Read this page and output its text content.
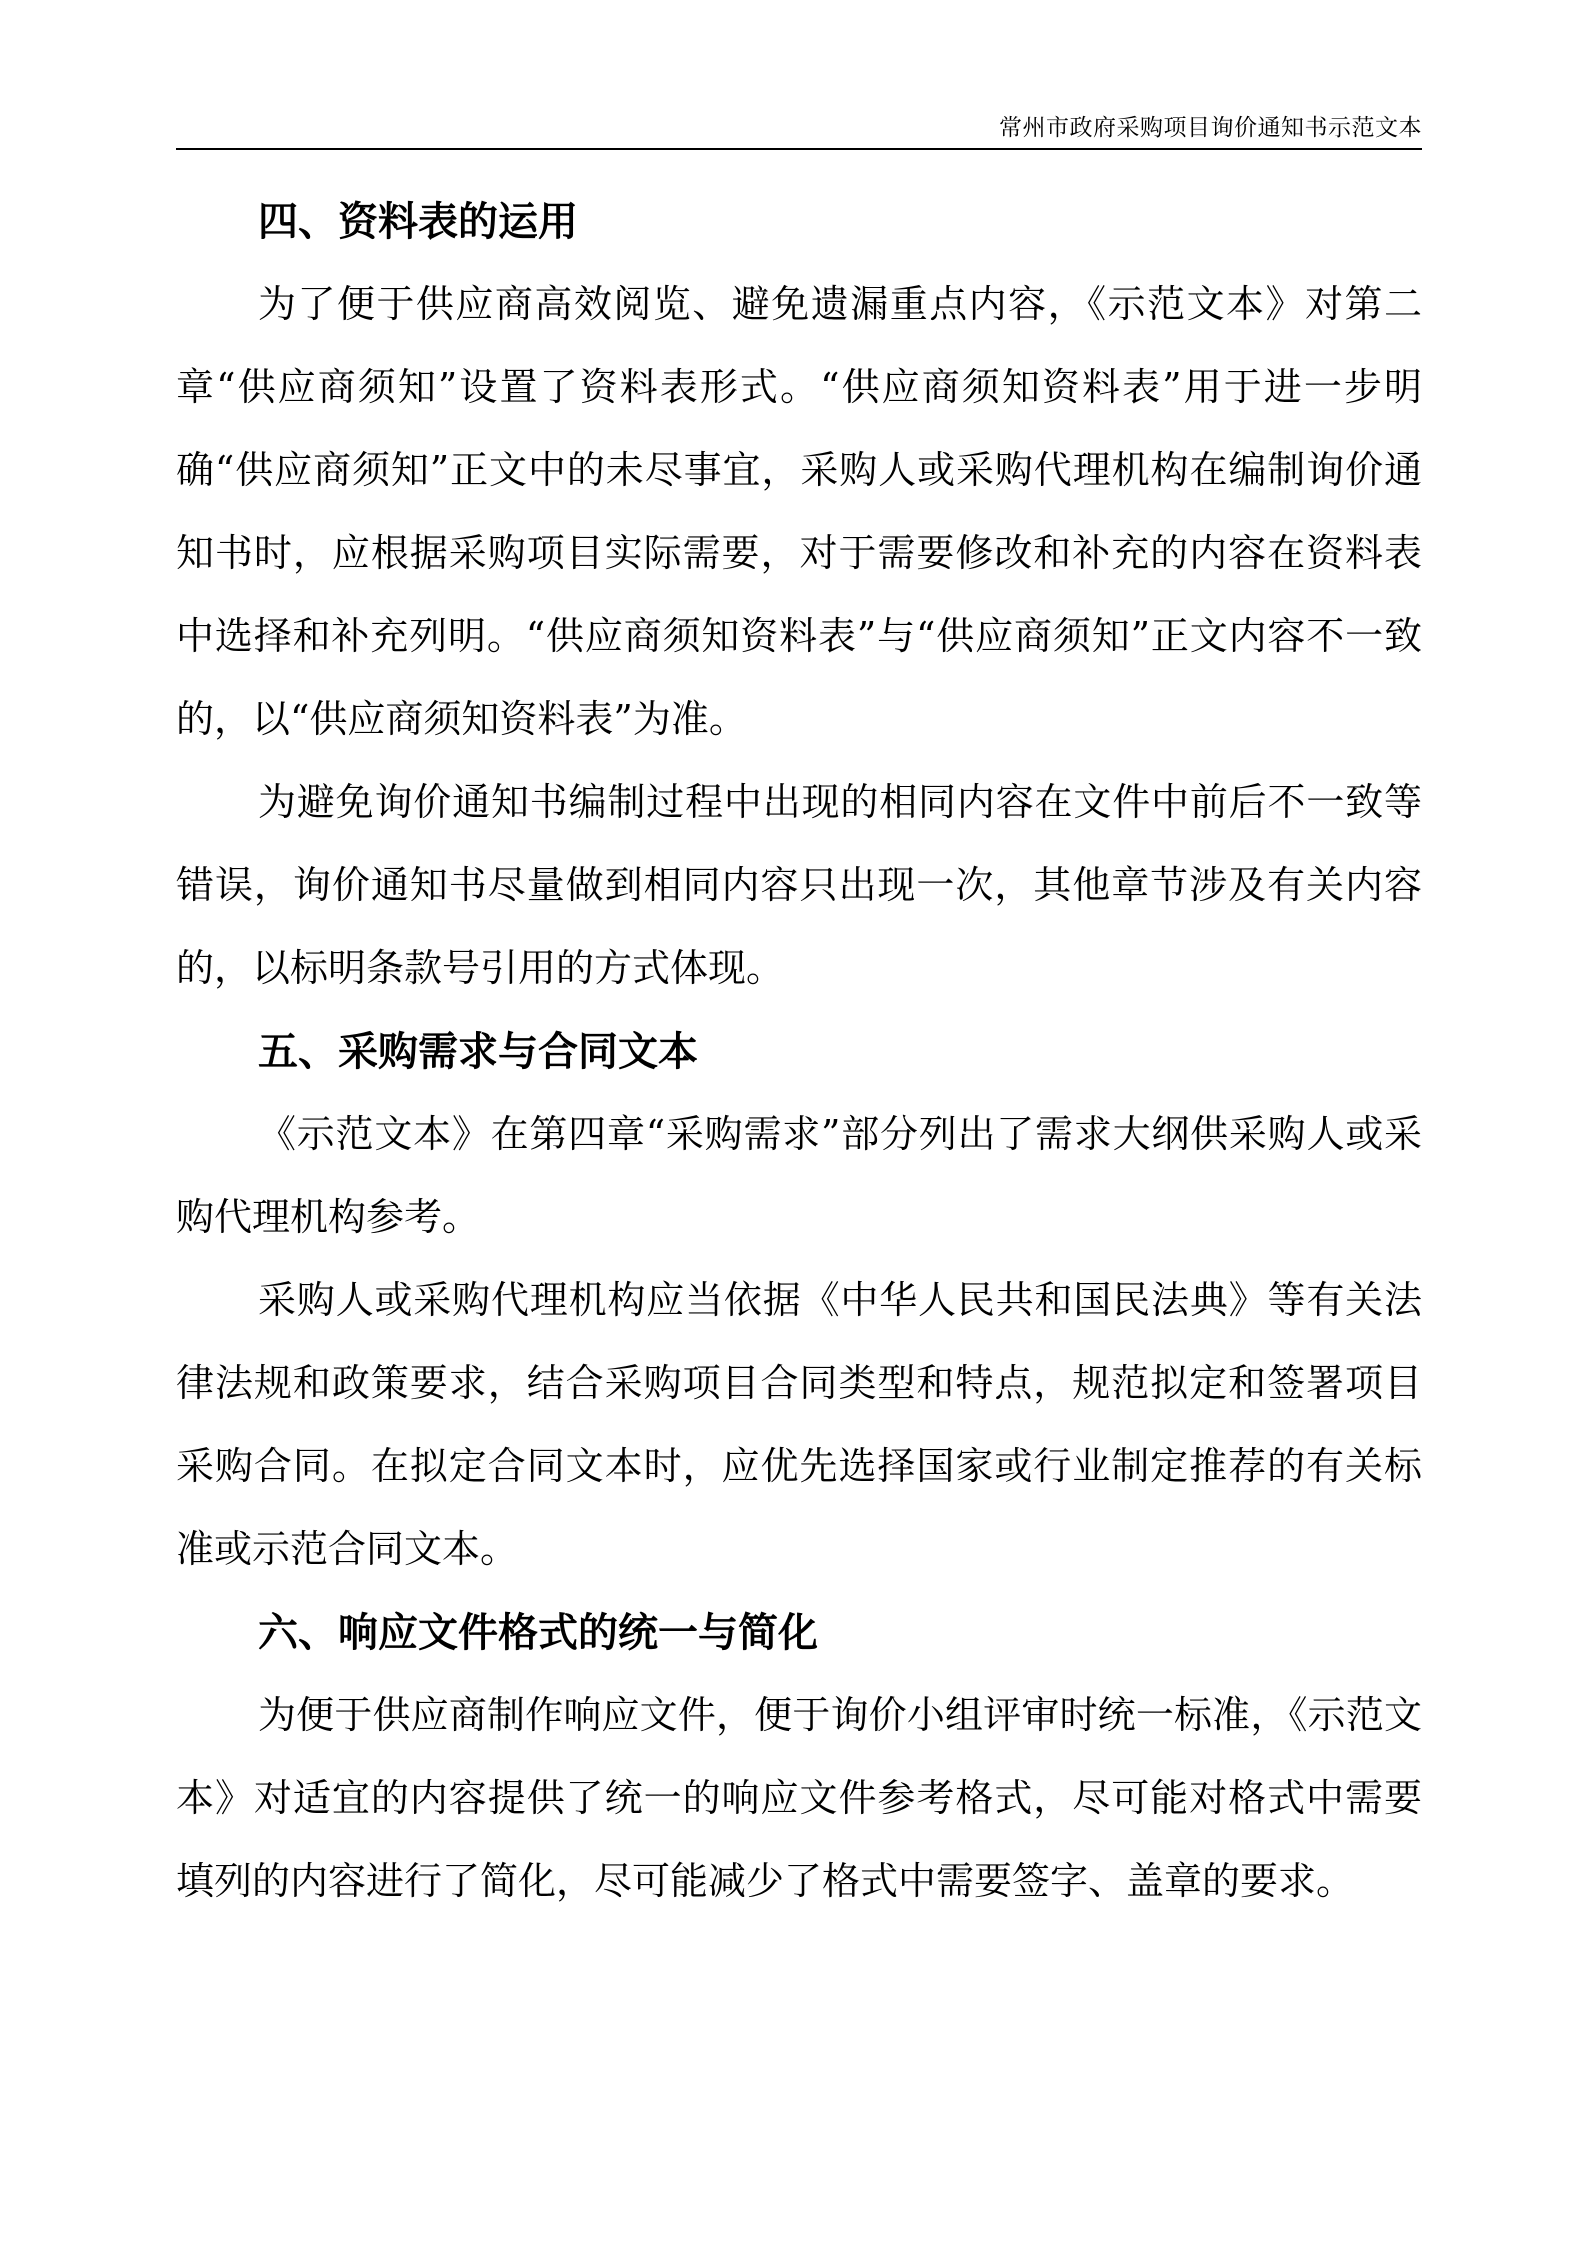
常州市政府采购项目询价通知书示范文本
四、资料表的运用

为了便于供应商高效阅览、避免遗漏重点内容，《示范文本》对第二章“供应商须知”设置了资料表形式。“供应商须知资料表”用于进一步明确“供应商须知”正文中的未尽事宜，采购人或采购代理机构在编制询价通知书时，应根据采购项目实际需要，对于需要修改和补充的内容在资料表中选择和补充列明。“供应商须知资料表”与“供应商须知”正文内容不一致的，以“供应商须知资料表”为准。

为避免询价通知书编制过程中出现的相同内容在文件中前后不一致等错误，询价通知书尽量做到相同内容只出现一次，其他章节涉及有关内容的，以标明条款号引用的方式体现。

五、采购需求与合同文本

《示范文本》在第四章“采购需求”部分列出了需求大纲供采购人或采购代理机构参考。

采购人或采购代理机构应当依据《中华人民共和国民法典》等有关法律法规和政策要求，结合采购项目合同类型和特点，规范拟定和签署项目采购合同。在拟定合同文本时，应优先选择国家或行业制定推荐的有关标准或示范合同文本。

六、响应文件格式的统一与简化

为便于供应商制作响应文件，便于询价小组评审时统一标准，《示范文本》对适宜的内容提供了统一的响应文件参考格式，尽可能对格式中需要填列的内容进行了简化，尽可能减少了格式中需要签字、盖章的要求。
